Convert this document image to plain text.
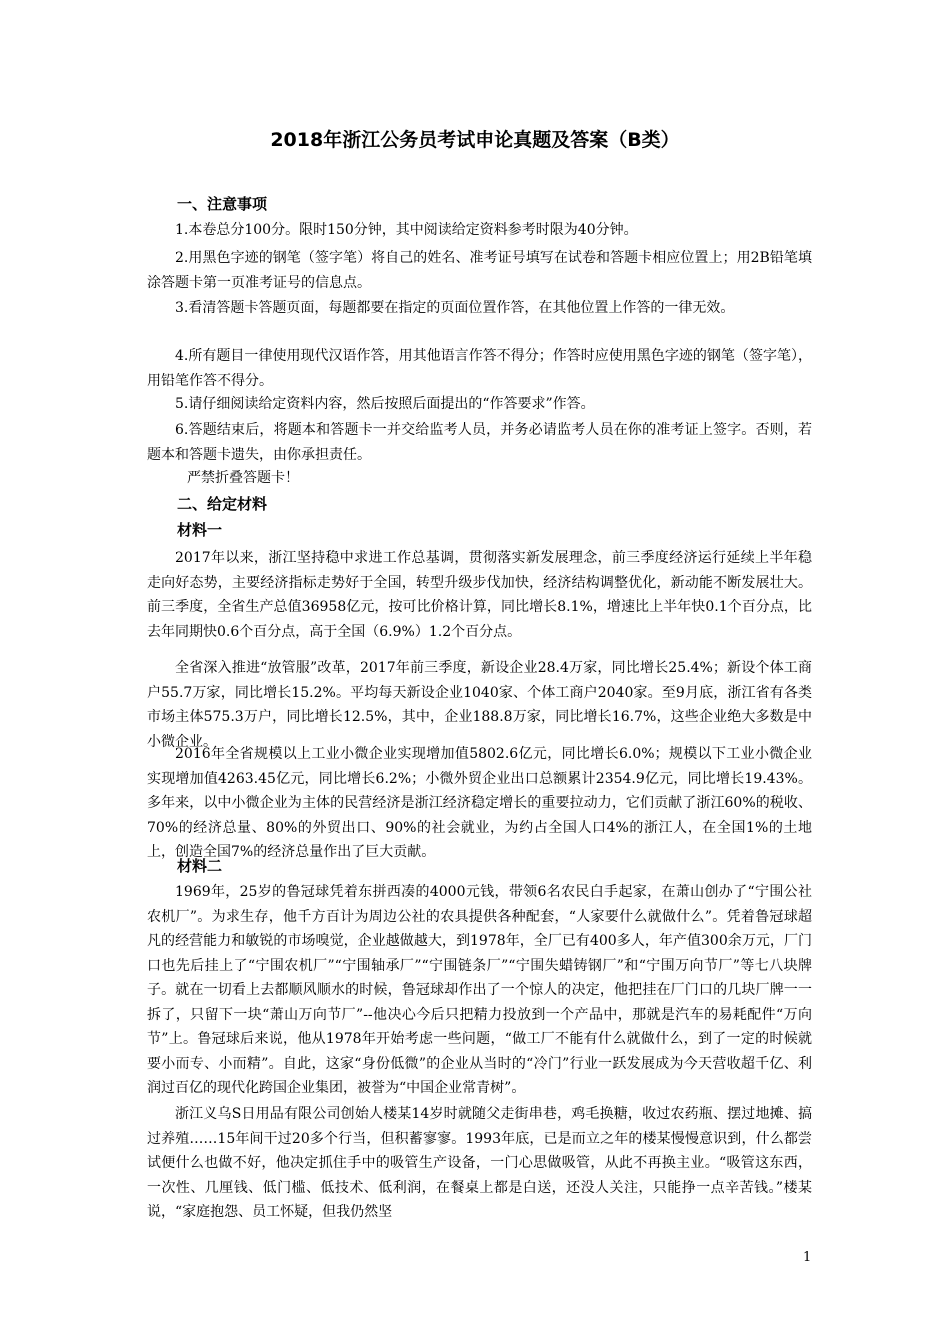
2018年浙江公务员考试申论真题及答案（B类）
一、注意事项
1.本卷总分100分。限时150分钟，其中阅读给定资料参考时限为40分钟。
2.用黑色字迹的钢笔（签字笔）将自己的姓名、准考证号填写在试卷和答题卡相应位置上；用2B铅笔填涂答题卡第一页准考证号的信息点。
3.看清答题卡答题页面，每题都要在指定的页面位置作答，在其他位置上作答的一律无效。
4.所有题目一律使用现代汉语作答，用其他语言作答不得分；作答时应使用黑色字迹的钢笔（签字笔），用铅笔作答不得分。
5.请仔细阅读给定资料内容，然后按照后面提出的“作答要求”作答。
6.答题结束后，将题本和答题卡一并交给监考人员，并务必请监考人员在你的准考证上签字。否则，若题本和答题卡遗失，由你承担责任。
严禁折叠答题卡！
二、给定材料
材料一
2017年以来，浙江坚持稳中求进工作总基调，贯彻落实新发展理念，前三季度经济运行延续上半年稳走向好态势，主要经济指标走势好于全国，转型升级步伐加快，经济结构调整优化，新动能不断发展壮大。前三季度，全省生产总值36958亿元，按可比价格计算，同比增长8.1%，增速比上半年快0.1个百分点，比去年同期快0.6个百分点，高于全国（6.9%）1.2个百分点。
全省深入推进“放管服”改革，2017年前三季度，新设企业28.4万家，同比增长25.4%；新设个体工商户55.7万家，同比增长15.2%。平均每天新设企业1040家、个体工商户2040家。至9月底，浙江省有各类市场主体575.3万户，同比增长12.5%，其中，企业188.8万家，同比增长16.7%，这些企业绝大多数是中小微企业。
2016年全省规模以上工业小微企业实现增加值5802.6亿元，同比增长6.0%；规模以下工业小微企业实现增加值4263.45亿元，同比增长6.2%；小微外贸企业出口总额累计2354.9亿元，同比增长19.43%。多年来，以中小微企业为主体的民营经济是浙江经济稳定增长的重要拉动力，它们贡献了浙江60%的税收、70%的经济总量、80%的外贸出口、90%的社会就业，为约占全国人口4%的浙江人，在全国1%的土地上，创造全国7%的经济总量作出了巨大贡献。
材料二
1969年，25岁的鲁冠球凭着东拼西凑的4000元钱，带领6名农民白手起家，在萧山创办了“宁围公社农机厂”。为求生存，他千方百计为周边公社的农具提供各种配套，“人家要什么就做什么”。凭着鲁冠球超凡的经营能力和敏锐的市场嗅觉，企业越做越大，到1978年，全厂已有400多人，年产值300余万元，厂门口也先后挂上了“宁围农机厂”“宁围轴承厂”“宁围链条厂”“宁围失蜡铸钢厂”和“宁围万向节厂”等七八块牌子。就在一切看上去都顺风顺水的时候，鲁冠球却作出了一个惊人的决定，他把挂在厂门口的几块厂牌一一拆了，只留下一块“萧山万向节厂”--他决心今后只把精力投放到一个产品中，那就是汽车的易耗配件“万向节”上。鲁冠球后来说，他从1978年开始考虑一些问题，“做工厂不能有什么就做什么，到了一定的时候就要小而专、小而精”。自此，这家“身份低微”的企业从当时的“冷门”行业一跃发展成为今天营收超千亿、利润过百亿的现代化跨国企业集团，被誉为“中国企业常青树”。
浙江义乌S日用品有限公司创始人楼某14岁时就随父走街串巷，鸡毛换糖，收过农药瓶、摆过地摊、搞过养殖……15年间干过20多个行当，但积蓄寥寥。1993年底，已是而立之年的楼某慢慢意识到，什么都尝试便什么也做不好，他决定抓住手中的吸管生产设备，一门心思做吸管，从此不再换主业。“吸管这东西，一次性、几厘钱、低门槛、低技术、低利润，在餐桌上都是白送，还没人关注，只能挣一点辛苦钱。”楼某说，“家庭抱怨、员工怀疑，但我仍然坚
1
